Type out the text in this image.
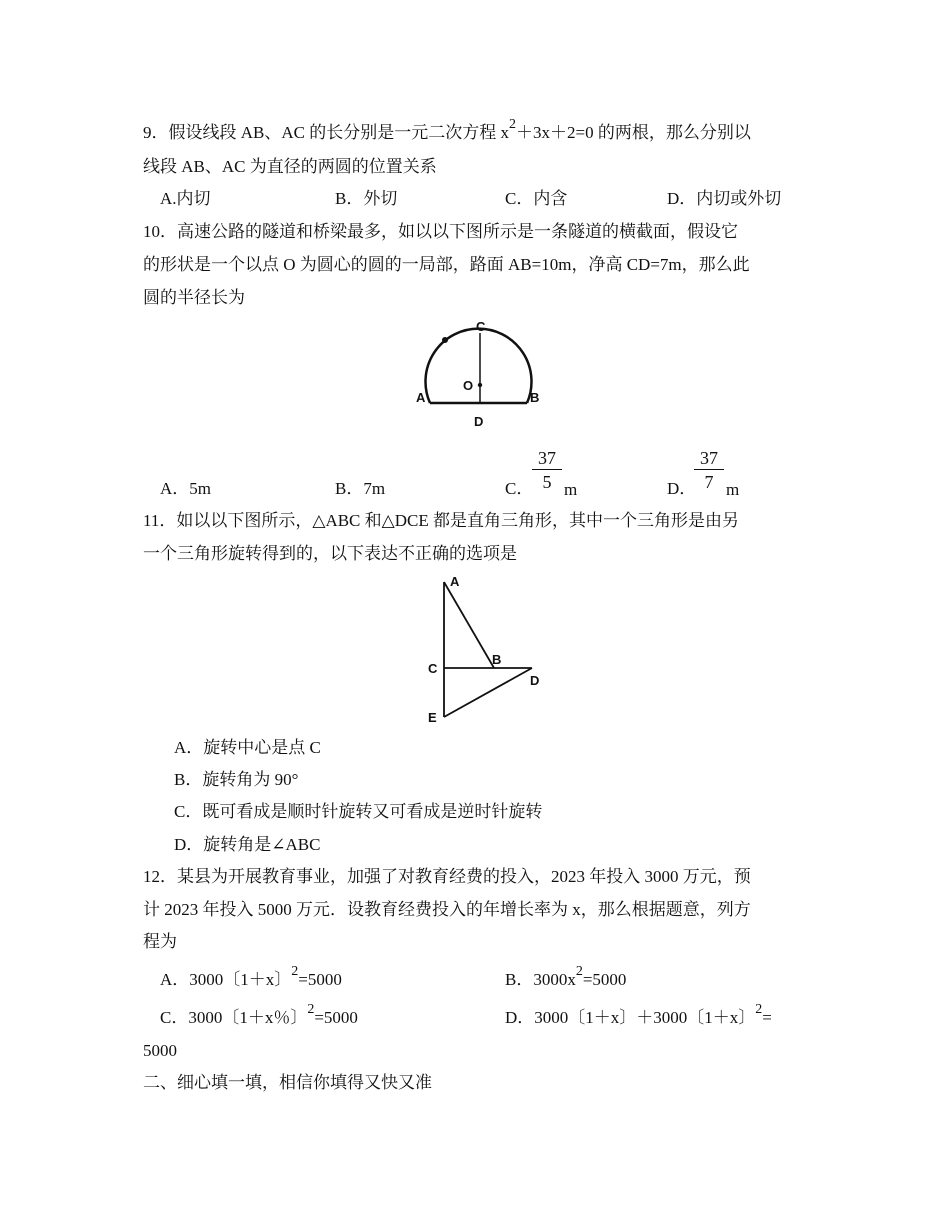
9．假设线段 AB、AC 的长分别是一元二次方程 $x^2+3x+2=0$ 的两根，那么分别以
线段 AB、AC 为直径的两圆的位置关系
A.内切	B．外切	C．内含	D．内切或外切
10．高速公路的隧道和桥梁最多，如以以下图所示是一条隧道的横截面，假设它
的形状是一个以点 O 为圆心的圆的一局部，路面 AB=10m，净高 CD=7m，那么此
圆的半径长为
C
O
A	B
D
A．5m	B．7m	C．
$\frac{37}{5}$ m	D．
$\frac{37}{7}$ m
11．如以以下图所示，△ABC 和△DCE 都是直角三角形，其中一个三角形是由另
一个三角形旋转得到的，以下表达不正确的选项是
A
B
C
D
E
A．旋转中心是点 C
B．旋转角为 90°
C．既可看成是顺时针旋转又可看成是逆时针旋转
D．旋转角是∠ABC
12．某县为开展教育事业，加强了对教育经费的投入，2023 年投入 3000 万元，预
计 2023 年投入 5000 万元．设教育经费投入的年增长率为 x，那么根据题意，列方
程为
A．3000〔1＋x〕$^2$=5000	B．$3000x^2=5000$
C．3000〔1＋x％〕$^2$=5000	D．3000〔1＋x〕＋3000〔1＋x〕$^2$=
5000
二、细心填一填，相信你填得又快又准
